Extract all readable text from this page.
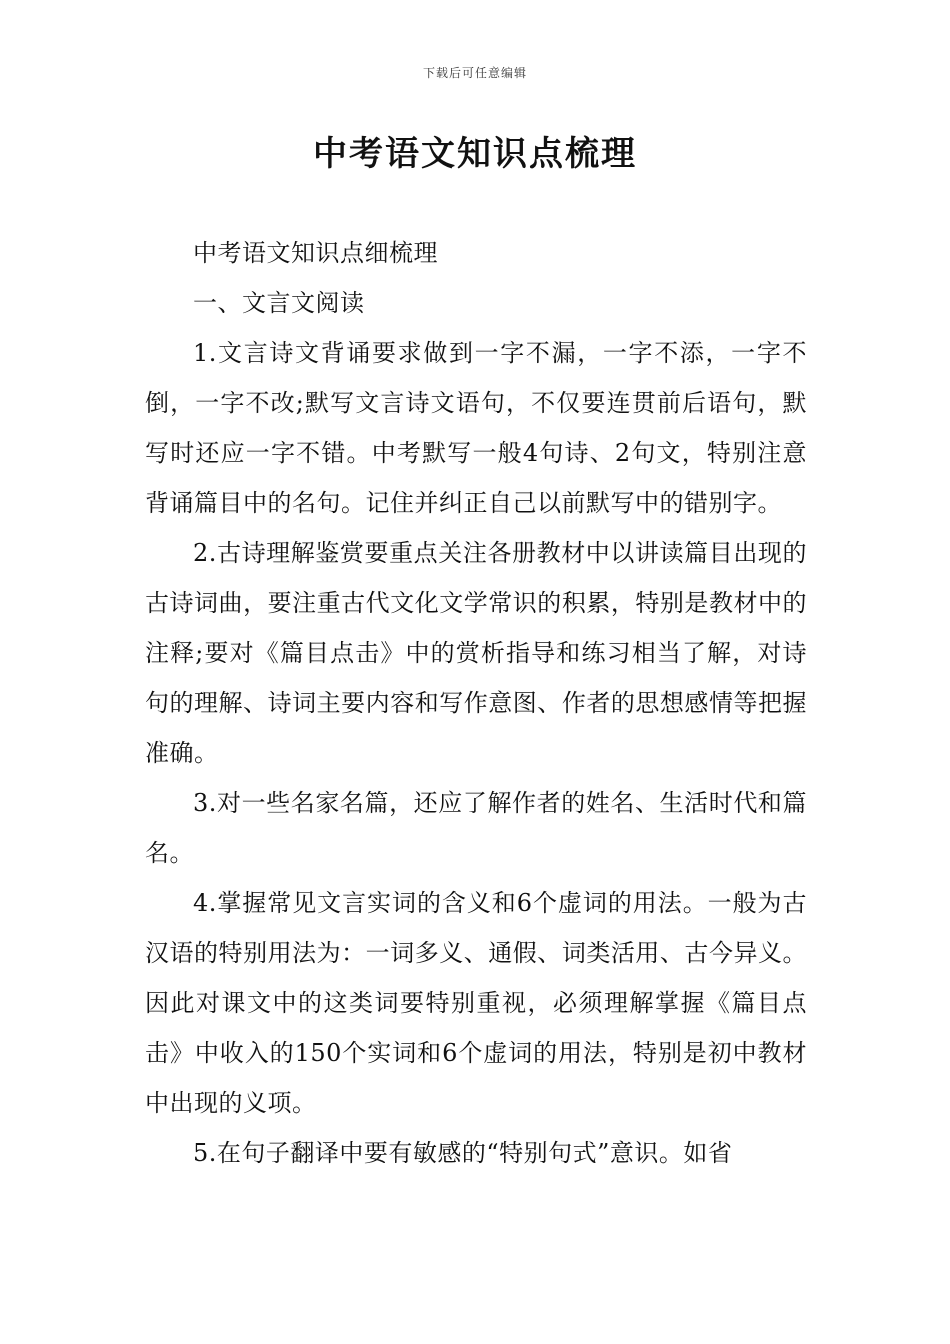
下载后可任意编辑
中考语文知识点梳理

中考语文知识点细梳理

一、文言文阅读

1.文言诗文背诵要求做到一字不漏，一字不添，一字不倒，一字不改;默写文言诗文语句，不仅要连贯前后语句，默写时还应一字不错。中考默写一般4句诗、2句文，特别注意背诵篇目中的名句。记住并纠正自己以前默写中的错别字。

2.古诗理解鉴赏要重点关注各册教材中以讲读篇目出现的古诗词曲，要注重古代文化文学常识的积累，特别是教材中的注释;要对《篇目点击》中的赏析指导和练习相当了解，对诗句的理解、诗词主要内容和写作意图、作者的思想感情等把握准确。

3.对一些名家名篇，还应了解作者的姓名、生活时代和篇名。

4.掌握常见文言实词的含义和6个虚词的用法。一般为古汉语的特别用法为：一词多义、通假、词类活用、古今异义。因此对课文中的这类词要特别重视，必须理解掌握《篇目点击》中收入的150个实词和6个虚词的用法，特别是初中教材中出现的义项。

5.在句子翻译中要有敏感的“特别句式”意识。如省
